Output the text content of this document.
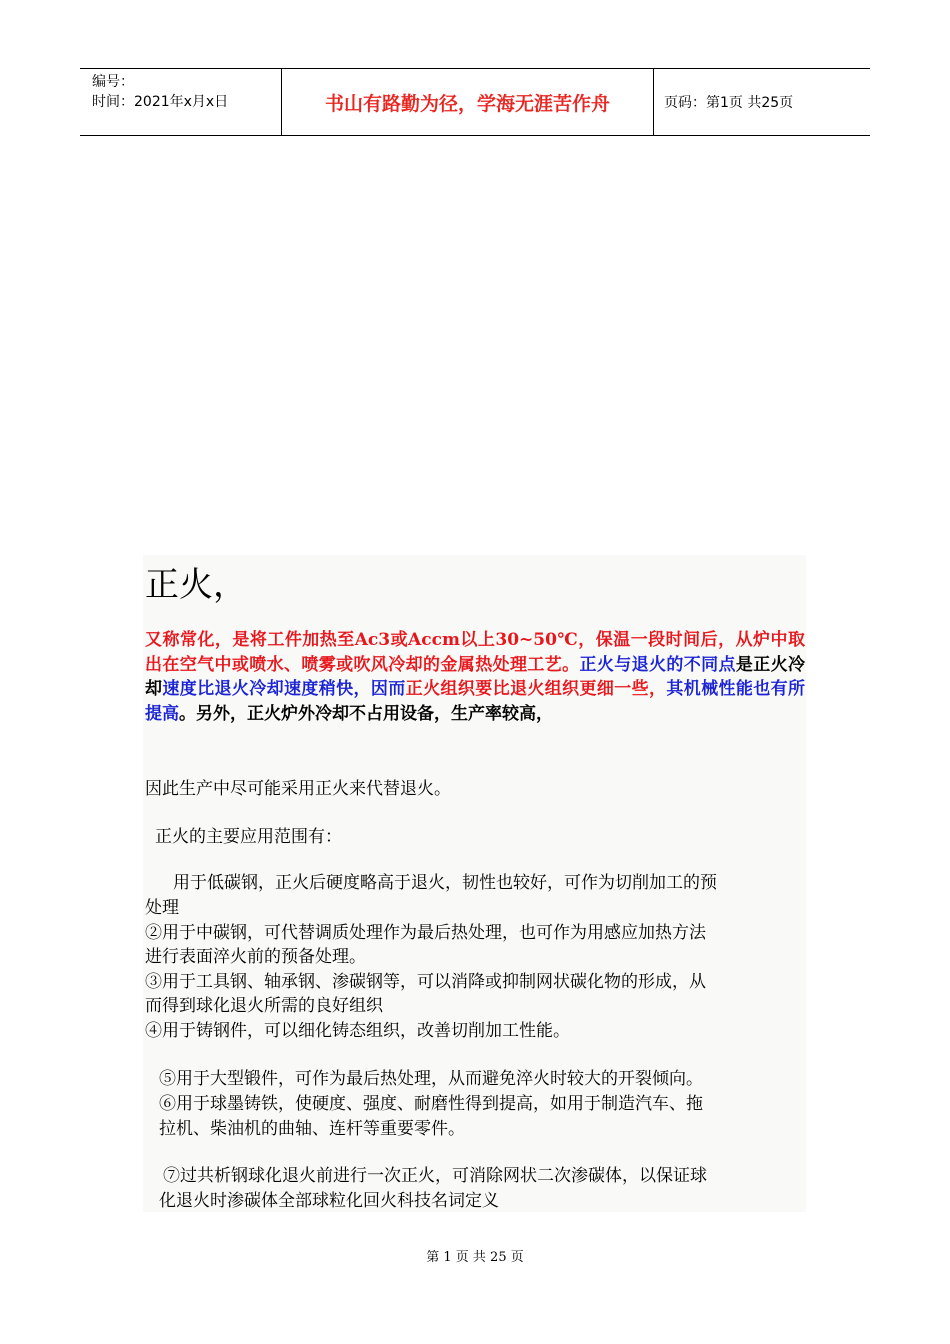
编号：
时间：2021年x月x日	书山有路勤为径，学海无涯苦作舟	页码：第1页 共25页
正火，
又称常化，是将工件加热至Ac3或Accm以上30~50℃，保温一段时间后，从炉中取出在空气中或喷水、喷雾或吹风冷却的金属热处理工艺。正火与退火的不同点是正火冷却速度比退火冷却速度稍快，因而正火组织要比退火组织更细一些，其机械性能也有所提高。另外，正火炉外冷却不占用设备，生产率较高，
因此生产中尽可能采用正火来代替退火。
正火的主要应用范围有：
用于低碳钢，正火后硬度略高于退火，韧性也较好，可作为切削加工的预
处理
②用于中碳钢，可代替调质处理作为最后热处理，也可作为用感应加热方法
进行表面淬火前的预备处理。
③用于工具钢、轴承钢、渗碳钢等，可以消降或抑制网状碳化物的形成，从
而得到球化退火所需的良好组织
④用于铸钢件，可以细化铸态组织，改善切削加工性能。
⑤用于大型锻件，可作为最后热处理，从而避免淬火时较大的开裂倾向。
⑥用于球墨铸铁，使硬度、强度、耐磨性得到提高，如用于制造汽车、拖
拉机、柴油机的曲轴、连杆等重要零件。
⑦过共析钢球化退火前进行一次正火，可消除网状二次渗碳体，以保证球
化退火时渗碳体全部球粒化回火科技名词定义
第 1 页 共 25 页
